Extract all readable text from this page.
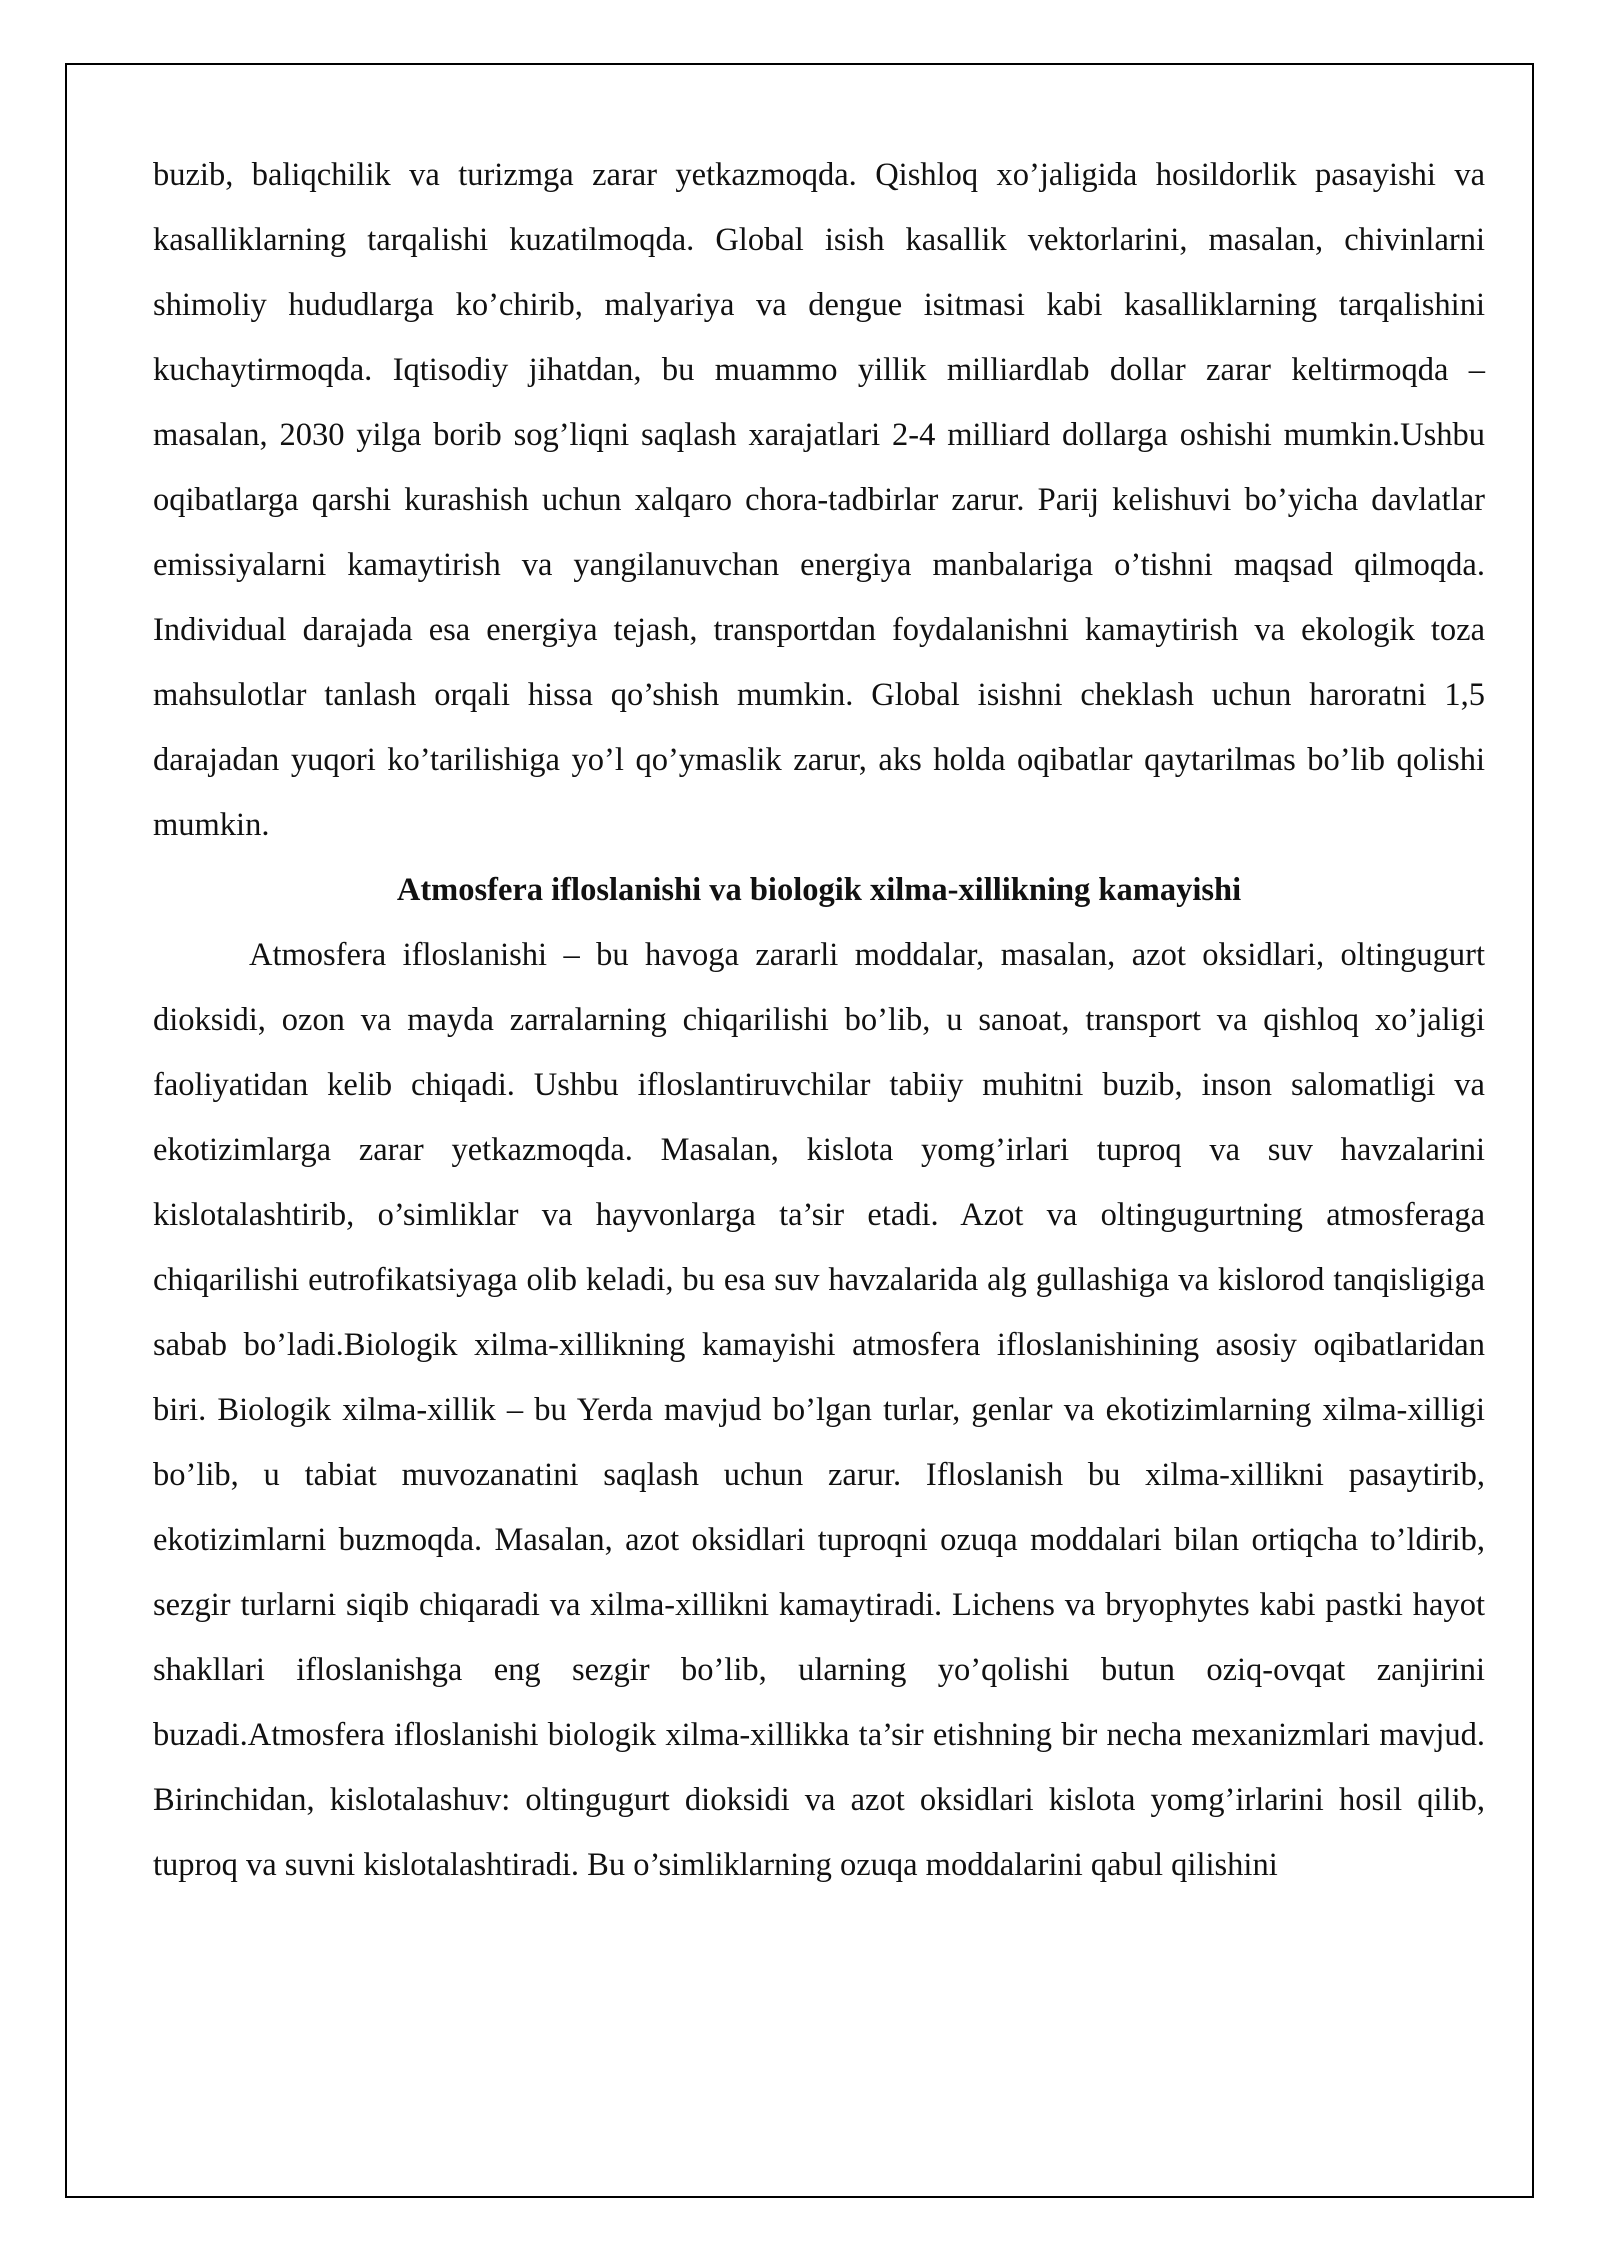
buzib, baliqchilik va turizmga zarar yetkazmoqda. Qishloq xo’jaligida hosildorlik pasayishi va kasalliklarning tarqalishi kuzatilmoqda. Global isish kasallik vektorlarini, masalan, chivinlarni shimoliy hududlarga ko’chirib, malyariya va dengue isitmasi kabi kasalliklarning tarqalishini kuchaytirmoqda. Iqtisodiy jihatdan, bu muammo yillik milliardlab dollar zarar keltirmoqda – masalan, 2030 yilga borib sog’liqni saqlash xarajatlari 2-4 milliard dollarga oshishi mumkin.Ushbu oqibatlarga qarshi kurashish uchun xalqaro chora-tadbirlar zarur. Parij kelishuvi bo’yicha davlatlar emissiyalarni kamaytirish va yangilanuvchan energiya manbalariga o’tishni maqsad qilmoqda. Individual darajada esa energiya tejash, transportdan foydalanishni kamaytirish va ekologik toza mahsulotlar tanlash orqali hissa qo’shish mumkin. Global isishni cheklash uchun haroratni 1,5 darajadan yuqori ko’tarilishiga yo’l qo’ymaslik zarur, aks holda oqibatlar qaytarilmas bo’lib qolishi mumkin.

Atmosfera ifloslanishi va biologik xilma-xillikning kamayishi

Atmosfera ifloslanishi – bu havoga zararli moddalar, masalan, azot oksidlari, oltingugurt dioksidi, ozon va mayda zarralarning chiqarilishi bo’lib, u sanoat, transport va qishloq xo’jaligi faoliyatidan kelib chiqadi. Ushbu ifloslantiruvchilar tabiiy muhitni buzib, inson salomatligi va ekotizimlarga zarar yetkazmoqda. Masalan, kislota yomg’irlari tuproq va suv havzalarini kislotalashtirib, o’simliklar va hayvonlarga ta’sir etadi. Azot va oltingugurtning atmosferaga chiqarilishi eutrofikatsiyaga olib keladi, bu esa suv havzalarida alg gullashiga va kislorod tanqisligiga sabab bo’ladi.Biologik xilma-xillikning kamayishi atmosfera ifloslanishining asosiy oqibatlaridan biri. Biologik xilma-xillik – bu Yerda mavjud bo’lgan turlar, genlar va ekotizimlarning xilma-xilligi bo’lib, u tabiat muvozanatini saqlash uchun zarur. Ifloslanish bu xilma-xillikni pasaytirib, ekotizimlarni buzmoqda. Masalan, azot oksidlari tuproqni ozuqa moddalari bilan ortiqcha to’ldirib, sezgir turlarni siqib chiqaradi va xilma-xillikni kamaytiradi. Lichens va bryophytes kabi pastki hayot shakllari ifloslanishga eng sezgir bo’lib, ularning yo’qolishi butun oziq-ovqat zanjirini buzadi.Atmosfera ifloslanishi biologik xilma-xillikka ta’sir etishning bir necha mexanizmlari mavjud. Birinchidan, kislotalashuv: oltingugurt dioksidi va azot oksidlari kislota yomg’irlarini hosil qilib, tuproq va suvni kislotalashtiradi. Bu o’simliklarning ozuqa moddalarini qabul qilishini
